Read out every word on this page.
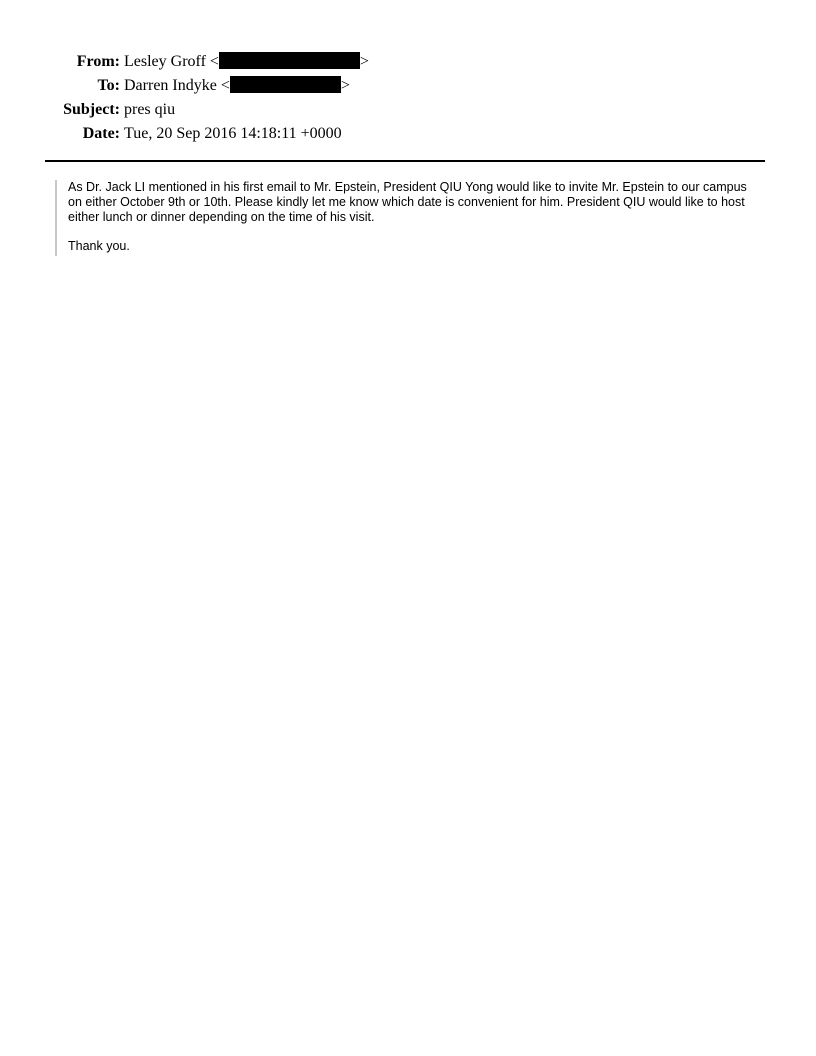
From: Lesley Groff <	>
To: Darren Indyke <	>
Subject: pres qiu
Date: Tue, 20 Sep 2016 14:18:11 +0000

As Dr. Jack LI mentioned in his first email to Mr. Epstein, President QIU Yong would like to invite Mr. Epstein to our campus on either October 9th or 10th. Please kindly let me know which date is convenient for him. President QIU would like to host either lunch or dinner depending on the time of his visit.

Thank you.
